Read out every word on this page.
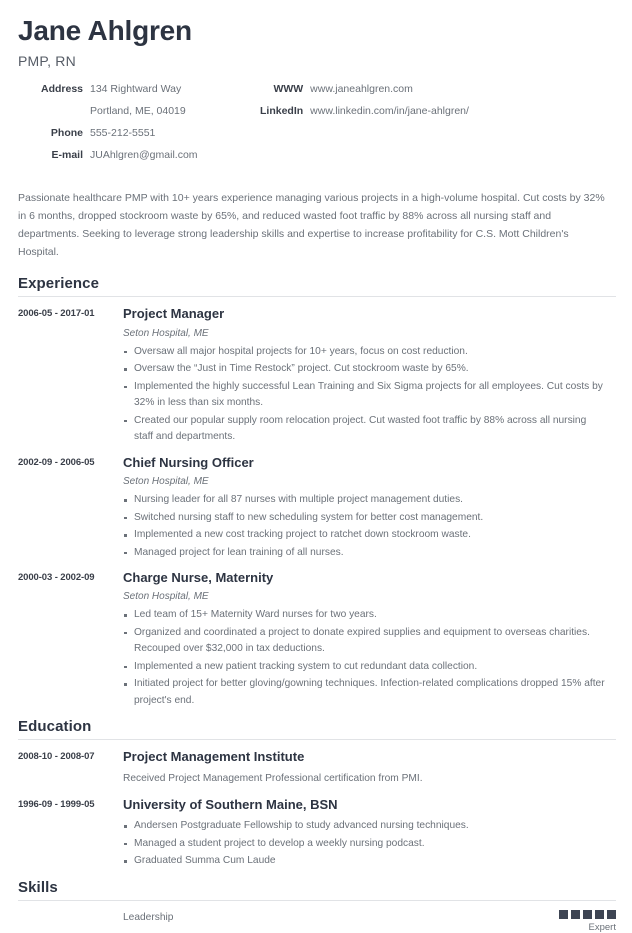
Jane Ahlgren
PMP, RN
Address	134 Rightward Way
	Portland, ME, 04019
Phone	555-212-5551
E-mail	JUAhlgren@gmail.com
WWW	www.janeahlgren.com
LinkedIn	www.linkedin.com/in/jane-ahlgren/

Passionate healthcare PMP with 10+ years experience managing various projects in a high-volume hospital. Cut costs by 32% in 6 months, dropped stockroom waste by 65%, and reduced wasted foot traffic by 88% across all nursing staff and departments. Seeking to leverage strong leadership skills and expertise to increase profitability for C.S. Mott Children's Hospital.

Experience
2006-05 - 2017-01	Project Manager
Seton Hospital, ME
Oversaw all major hospital projects for 10+ years, focus on cost reduction.
Oversaw the “Just in Time Restock” project. Cut stockroom waste by 65%.
Implemented the highly successful Lean Training and Six Sigma projects for all employees. Cut costs by 32% in less than six months.
Created our popular supply room relocation project. Cut wasted foot traffic by 88% across all nursing staff and departments.
2002-09 - 2006-05	Chief Nursing Officer
Seton Hospital, ME
Nursing leader for all 87 nurses with multiple project management duties.
Switched nursing staff to new scheduling system for better cost management.
Implemented a new cost tracking project to ratchet down stockroom waste.
Managed project for lean training of all nurses.
2000-03 - 2002-09	Charge Nurse, Maternity
Seton Hospital, ME
Led team of 15+ Maternity Ward nurses for two years.
Organized and coordinated a project to donate expired supplies and equipment to overseas charities. Recouped over $32,000 in tax deductions.
Implemented a new patient tracking system to cut redundant data collection.
Initiated project for better gloving/gowning techniques. Infection-related complications dropped 15% after project's end.
Education
2008-10 - 2008-07	Project Management Institute
Received Project Management Professional certification from PMI.
1996-09 - 1999-05	University of Southern Maine, BSN
Andersen Postgraduate Fellowship to study advanced nursing techniques.
Managed a student project to develop a weekly nursing podcast.
Graduated Summa Cum Laude
Skills
Leadership
Expert
